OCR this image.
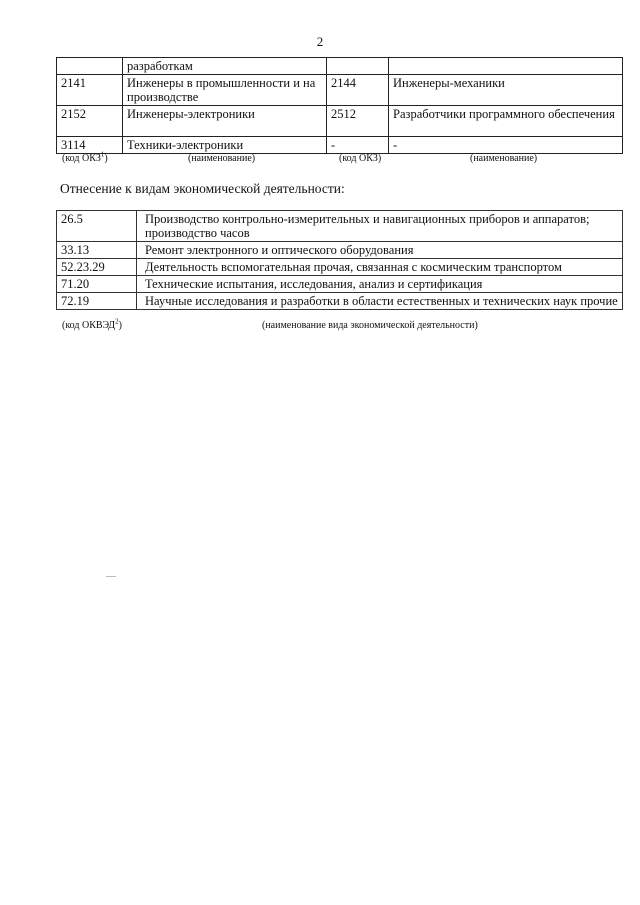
2
	разработкам		
2141	Инженеры в промышленности и на производстве	2144	Инженеры-механики
2152	Инженеры-электроники	2512	Разработчики программного обеспечения
3114	Техники-электроники	-	-
(код ОКЗ$^1$)	(наименование)	(код ОКЗ)	(наименование)
Отнесение к видам экономической деятельности:
26.5	Производство контрольно-измерительных и навигационных приборов и аппаратов; производство часов
33.13	Ремонт электронного и оптического оборудования
52.23.29	Деятельность вспомогательная прочая, связанная с космическим транспортом
71.20	Технические испытания, исследования, анализ и сертификация
72.19	Научные исследования и разработки в области естественных и технических наук прочие
(код ОКВЭД$^2$)	(наименование вида экономической деятельности)
